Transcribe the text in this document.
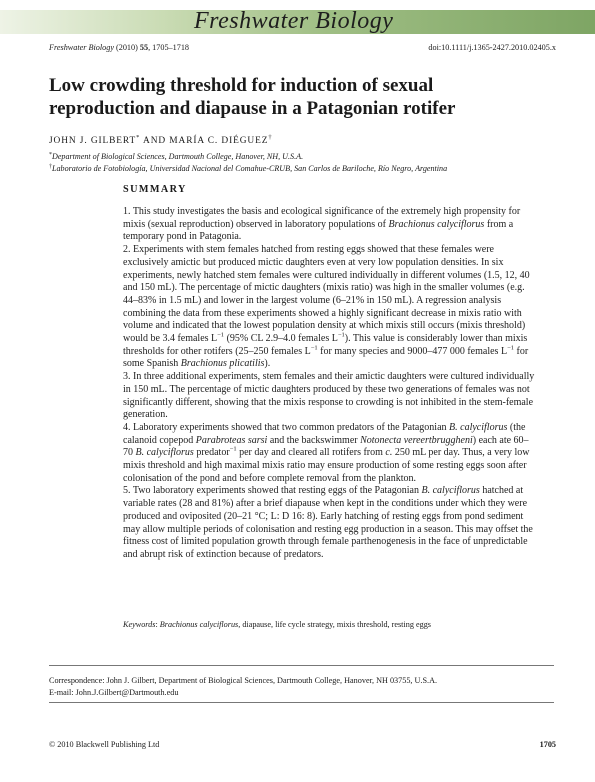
Freshwater Biology
Freshwater Biology (2010) 55, 1705–1718	doi:10.1111/j.1365-2427.2010.02405.x
Low crowding threshold for induction of sexual reproduction and diapause in a Patagonian rotifer
JOHN J. GILBERT* AND MARÍA C. DIÉGUEZ†
*Department of Biological Sciences, Dartmouth College, Hanover, NH, U.S.A.
†Laboratorio de Fotobiología, Universidad Nacional del Comahue-CRUB, San Carlos de Bariloche, Río Negro, Argentina
SUMMARY

1. This study investigates the basis and ecological significance of the extremely high propensity for mixis (sexual reproduction) observed in laboratory populations of Brachionus calyciflorus from a temporary pond in Patagonia.

2. Experiments with stem females hatched from resting eggs showed that these females were exclusively amictic but produced mictic daughters even at very low population densities. In six experiments, newly hatched stem females were cultured individually in different volumes (1.5, 12, 40 and 150 mL). The percentage of mictic daughters (mixis ratio) was high in the smaller volumes (e.g. 44–83% in 1.5 mL) and lower in the largest volume (6–21% in 150 mL). A regression analysis combining the data from these experiments showed a highly significant decrease in mixis ratio with volume and indicated that the lowest population density at which mixis still occurs (mixis threshold) would be 3.4 females $L^{-1}$ (95% CL 2.9–4.0 females $L^{-1}$). This value is considerably lower than mixis thresholds for other rotifers (25–250 females $L^{-1}$ for many species and 9000–477 000 females $L^{-1}$ for some Spanish Brachionus plicatilis).

3. In three additional experiments, stem females and their amictic daughters were cultured individually in 150 mL. The percentage of mictic daughters produced by these two generations of females was not significantly different, showing that the mixis response to crowding is not inhibited in the stem-female generation.

4. Laboratory experiments showed that two common predators of the Patagonian B. calyciflorus (the calanoid copepod Parabroteas sarsi and the backswimmer Notonecta vereertbruggheni) each ate 60–70 B. calyciflorus predator$^{-1}$ per day and cleared all rotifers from c. 250 mL per day. Thus, a very low mixis threshold and high maximal mixis ratio may ensure production of some resting eggs soon after colonisation of the pond and before complete removal from the plankton.

5. Two laboratory experiments showed that resting eggs of the Patagonian B. calyciflorus hatched at variable rates (28 and 81%) after a brief diapause when kept in the conditions under which they were produced and oviposited (20–21 °C; L: D 16: 8). Early hatching of resting eggs from pond sediment may allow multiple periods of colonisation and resting egg production in a season. This may offset the fitness cost of limited population growth through female parthenogenesis in the face of unpredictable and abrupt risk of extinction because of predators.

Keywords: Brachionus calyciflorus, diapause, life cycle strategy, mixis threshold, resting eggs
Correspondence: John J. Gilbert, Department of Biological Sciences, Dartmouth College, Hanover, NH 03755, U.S.A.
E-mail: John.J.Gilbert@Dartmouth.edu
© 2010 Blackwell Publishing Ltd	1705
